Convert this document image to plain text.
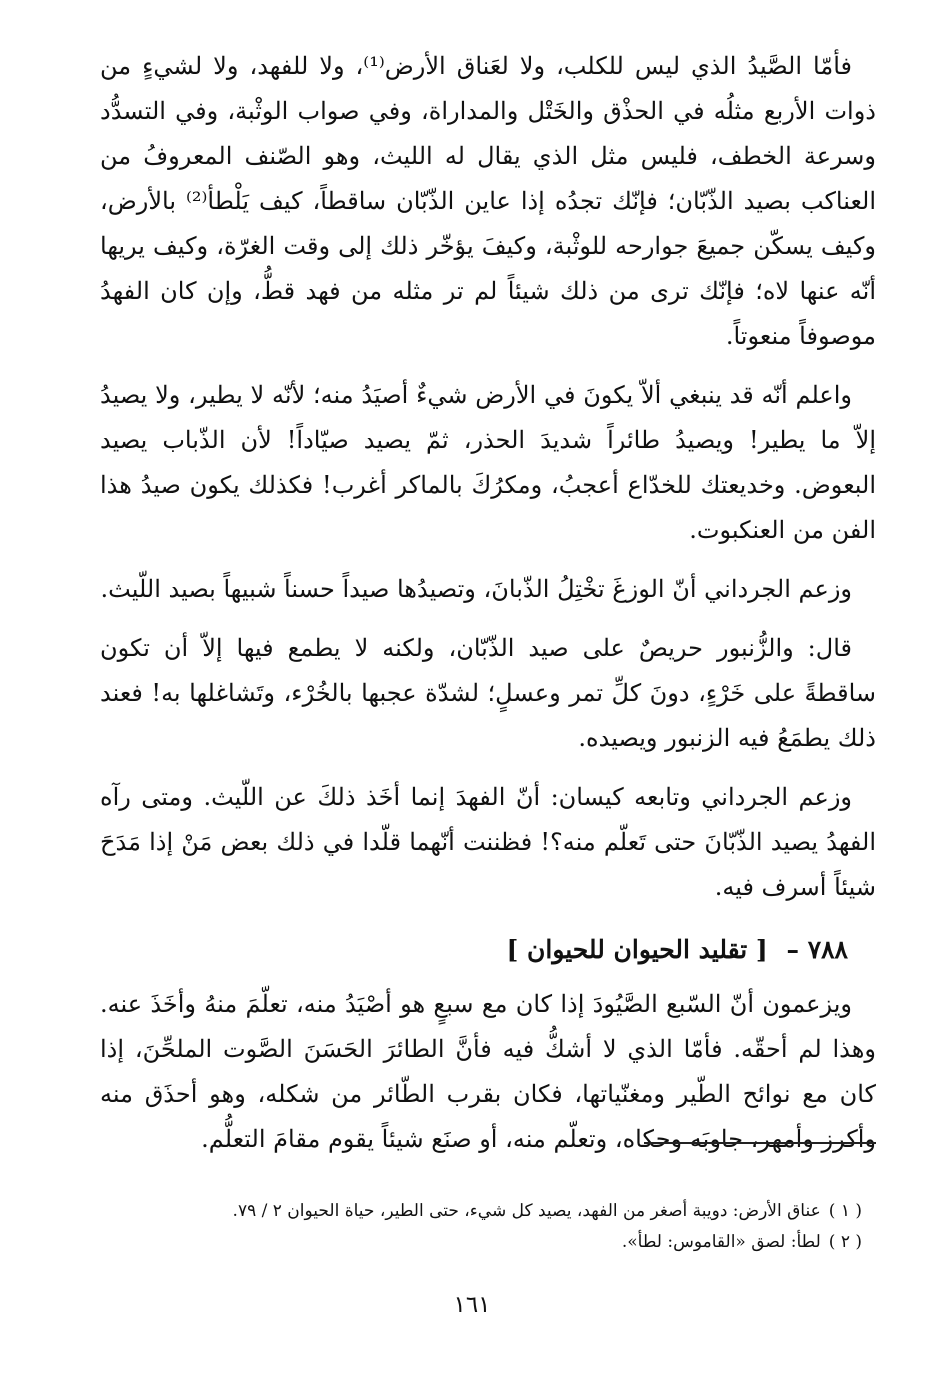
فأمّا الصَّيدُ الذي ليس للكلب، ولا لعَناق الأرض⁽¹⁾، ولا للفهد، ولا لشيءٍ من ذوات الأربع مثلُه في الحذْق والخَتْل والمداراة، وفي صواب الوثْبة، وفي التسدُّد وسرعة الخطف، فليس مثل الذي يقال له الليث، وهو الصّنف المعروفُ من العناكب بصيد الذّبّان؛ فإنّك تجدُه إذا عاين الذّبّان ساقطاً، كيف يَلْطأ⁽²⁾ بالأرض، وكيف يسكّن جميعَ جوارحه للوثْبة، وكيفَ يؤخّر ذلك إلى وقت الغرّة، وكيف يريها أنّه عنها لاه؛ فإنّك ترى من ذلك شيئاً لم تر مثله من فهد قطُّ، وإن كان الفهدُ موصوفاً منعوتاً.

واعلم أنّه قد ينبغي ألاّ يكونَ في الأرض شيءٌ أصيَدُ منه؛ لأنّه لا يطير، ولا يصيدُ إلاّ ما يطير! ويصيدُ طائراً شديدَ الحذر، ثمّ يصيد صيّاداً! لأن الذّباب يصيد البعوض. وخديعتك للخدّاع أعجبُ، ومكرُكَ بالماكر أغرب! فكذلك يكون صيدُ هذا الفن من العنكبوت.

وزعم الجرداني أنّ الوزغَ تخْتِلُ الذّبانَ، وتصيدُها صيداً حسناً شبيهاً بصيد اللّيث.

قال: والزُّنبور حريصٌ على صيد الذّبّان، ولكنه لا يطمع فيها إلاّ أن تكون ساقطةً على خَرْءٍ، دونَ كلِّ تمر وعسلٍ؛ لشدّة عجبها بالخُرْء، وتَشاغلها به! فعند ذلك يطمَعُ فيه الزنبور ويصيده.

وزعم الجرداني وتابعه كيسان: أنّ الفهدَ إنما أخَذ ذلكَ عن اللّيث. ومتى رآه الفهدُ يصيد الذّبّانَ حتى تَعلّم منه؟! فظننت أنّهما قلّدا في ذلك بعض مَنْ إذا مَدَحَ شيئاً أسرف فيه.

٧٨٨ – [ تقليد الحيوان للحيوان ]

ويزعمون أنّ السّبع الصَّيُودَ إذا كان مع سبعٍ هو أصْيَدُ منه، تعلّمَ منهُ وأخَذَ عنه. وهذا لم أحقّه. فأمّا الذي لا أشكُّ فيه فأنَّ الطائرَ الحَسَنَ الصَّوت الملحِّنَ، إذا كان مع نوائح الطّير ومغنّياتها، فكان بقرب الطّائر من شكله، وهو أحذَق منه وأكرز وأمهر، جاوبَه وحكاه، وتعلّم منه، أو صنَع شيئاً يقوم مقامَ التعلُّم.

( ١ )عناق الأرض: دويبة أصغر من الفهد، يصيد كل شيء، حتى الطير، حياة الحيوان ٢ / ٧٩.

( ٢ )لطأ: لصق «القاموس: لطأ».

١٦١
